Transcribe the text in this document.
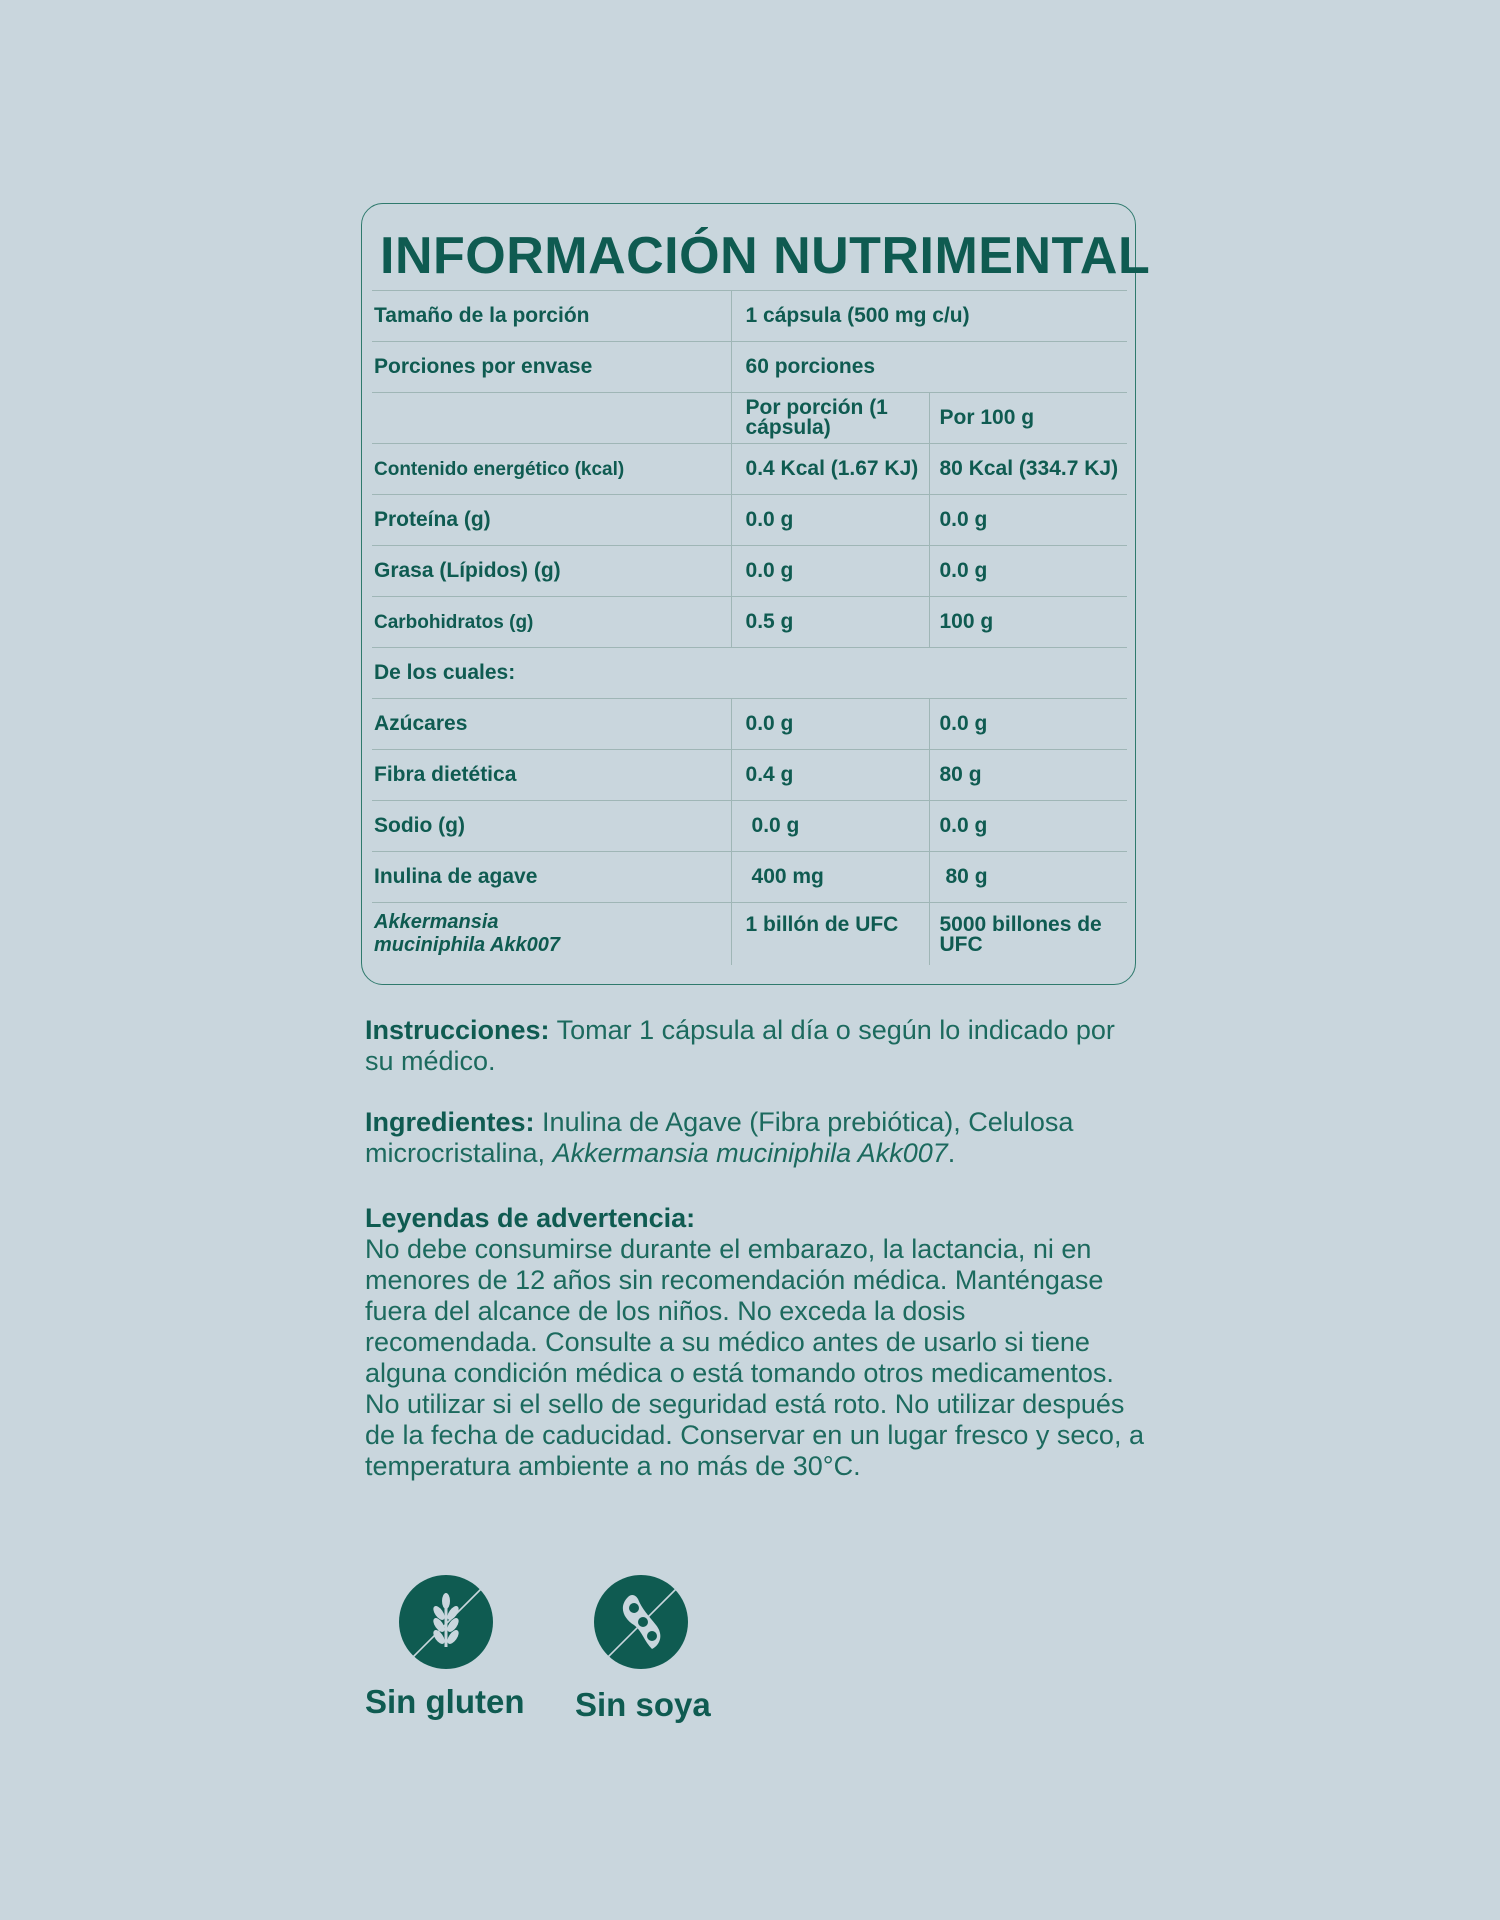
INFORMACIÓN NUTRIMENTAL
Tamaño de la porción	1 cápsula (500 mg c/u)	
Porciones por envase	60 porciones	
	Por porción (1 cápsula)	Por 100 g
Contenido energético (kcal)	0.4 Kcal (1.67 KJ)	80 Kcal (334.7 KJ)
Proteína (g)	0.0 g	0.0 g
Grasa (Lípidos) (g)	0.0 g	0.0 g
Carbohidratos (g)	0.5 g	100 g
De los cuales:		
Azúcares	0.0 g	0.0 g
Fibra dietética	0.4 g	80 g
Sodio (g)	0.0 g	0.0 g
Inulina de agave	400 mg	80 g
Akkermansia
muciniphila Akk007	1 billón de UFC	5000 billones de UFC
Instrucciones: Tomar 1 cápsula al día o según lo indicado por su médico.
Ingredientes: Inulina de Agave (Fibra prebiótica), Celulosa microcristalina, Akkermansia muciniphila Akk007.
Leyendas de advertencia:
No debe consumirse durante el embarazo, la lactancia, ni en menores de 12 años sin recomendación médica. Manténgase fuera del alcance de los niños. No exceda la dosis recomendada. Consulte a su médico antes de usarlo si tiene alguna condición médica o está tomando otros medicamentos.
No utilizar si el sello de seguridad está roto. No utilizar después de la fecha de caducidad. Conservar en un lugar fresco y seco, a temperatura ambiente a no más de 30°C.
Sin gluten Sin soya
